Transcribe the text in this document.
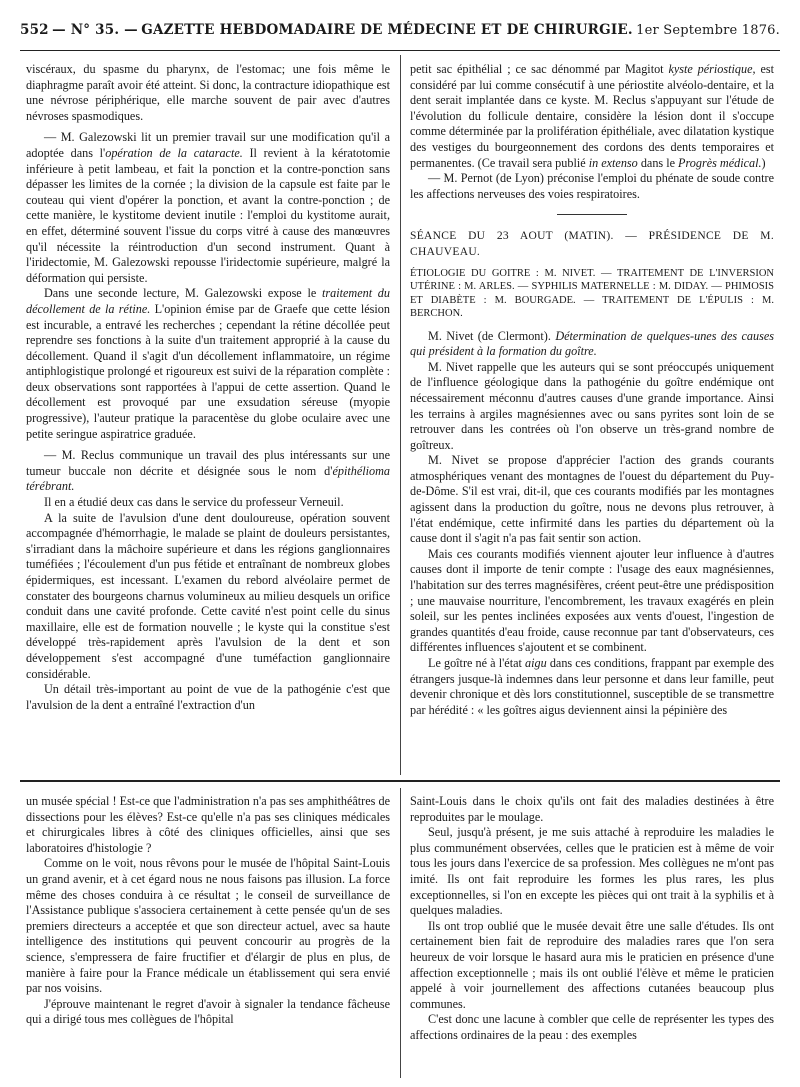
552 — N° 35. — GAZETTE HEBDOMADAIRE DE MÉDECINE ET DE CHIRURGIE. 1er Septembre 1876.

viscéraux, du spasme du pharynx, de l'estomac; une fois même le diaphragme paraît avoir été atteint. Si donc, la contracture idiopathique est une névrose périphérique, elle marche souvent de pair avec d'autres névroses spasmodiques.

— M. Galezowski lit un premier travail sur une modification qu'il a adoptée dans l'opération de la cataracte. Il revient à la kératotomie inférieure à petit lambeau, et fait la ponction et la contre-ponction sans dépasser les limites de la cornée ; la division de la capsule est faite par le couteau qui vient d'opérer la ponction, et avant la contre-ponction ; de cette manière, le kystitome devient inutile : l'emploi du kystitome aurait, en effet, déterminé souvent l'issue du corps vitré à cause des manœuvres qu'il nécessite la réintroduction d'un second instrument. Quant à l'iridectomie, M. Galezowski repousse l'iridectomie supérieure, malgré la déformation qui persiste.

Dans une seconde lecture, M. Galezowski expose le traitement du décollement de la rétine. L'opinion émise par de Graefe que cette lésion est incurable, a entravé les recherches ; cependant la rétine décollée peut reprendre ses fonctions à la suite d'un traitement approprié à la cause du décollement. Quand il s'agit d'un décollement inflammatoire, un régime antiphlogistique prolongé et rigoureux est suivi de la réparation complète : deux observations sont rapportées à l'appui de cette assertion. Quand le décollement est provoqué par une exsudation séreuse (myopie progressive), l'auteur pratique la paracentèse du globe oculaire avec une petite seringue aspiratrice graduée.

— M. Reclus communique un travail des plus intéressants sur une tumeur buccale non décrite et désignée sous le nom d'épithélioma térébrant.

Il en a étudié deux cas dans le service du professeur Verneuil.

A la suite de l'avulsion d'une dent douloureuse, opération souvent accompagnée d'hémorrhagie, le malade se plaint de douleurs persistantes, s'irradiant dans la mâchoire supérieure et dans les régions ganglionnaires tuméfiées ; l'écoulement d'un pus fétide et entraînant de nombreux globes épidermiques, est incessant. L'examen du rebord alvéolaire permet de constater des bourgeons charnus volumineux au milieu desquels un orifice conduit dans une cavité profonde. Cette cavité n'est point celle du sinus maxillaire, elle est de formation nouvelle ; le kyste qui la constitue s'est développé très-rapidement après l'avulsion de la dent et son développement s'est accompagné d'une tuméfaction ganglionnaire considérable.

Un détail très-important au point de vue de la pathogénie c'est que l'avulsion de la dent a entraîné l'extraction d'un

petit sac épithélial ; ce sac dénommé par Magitot kyste périostique, est considéré par lui comme consécutif à une périostite alvéolo-dentaire, et la dent serait implantée dans ce kyste. M. Reclus s'appuyant sur l'étude de l'évolution du follicule dentaire, considère la lésion dont il s'occupe comme déterminée par la prolifération épithéliale, avec dilatation kystique des vestiges du bourgeonnement des cordons des dents temporaires et permanentes. (Ce travail sera publié in extenso dans le Progrès médical.)

— M. Pernot (de Lyon) préconise l'emploi du phénate de soude contre les affections nerveuses des voies respiratoires.

SÉANCE DU 23 AOUT (MATIN). — PRÉSIDENCE DE M. CHAUVEAU.

ÉTIOLOGIE DU GOITRE : M. NIVET. — TRAITEMENT DE L'INVERSION UTÉRINE : M. ARLES. — SYPHILIS MATERNELLE : M. DIDAY. — PHIMOSIS ET DIABÈTE : M. BOURGADE. — TRAITEMENT DE L'ÉPULIS : M. BERCHON.

M. Nivet (de Clermont). Détermination de quelques-unes des causes qui président à la formation du goître.

M. Nivet rappelle que les auteurs qui se sont préoccupés uniquement de l'influence géologique dans la pathogénie du goître endémique ont nécessairement méconnu d'autres causes d'une grande importance. Ainsi les terrains à argiles magnésiennes avec ou sans pyrites sont loin de se retrouver dans les contrées où l'on observe un très-grand nombre de goîtreux.

M. Nivet se propose d'apprécier l'action des grands courants atmosphériques venant des montagnes de l'ouest du département du Puy-de-Dôme. S'il est vrai, dit-il, que ces courants modifiés par les montagnes agissent dans la production du goître, nous ne devons plus retrouver, à l'état endémique, cette infirmité dans les parties du département où la cause dont il s'agit n'a pas fait sentir son action.

Mais ces courants modifiés viennent ajouter leur influence à d'autres causes dont il importe de tenir compte : l'usage des eaux magnésiennes, l'habitation sur des terres magnésifères, créent peut-être une prédisposition ; une mauvaise nourriture, l'encombrement, les travaux exagérés en plein soleil, sur les pentes inclinées exposées aux vents d'ouest, l'ingestion de grandes quantités d'eau froide, cause reconnue par tant d'observateurs, ces différentes influences s'ajoutent et se combinent.

Le goître né à l'état aigu dans ces conditions, frappant par exemple des étrangers jusque-là indemnes dans leur personne et dans leur famille, peut devenir chronique et dès lors constitutionnel, susceptible de se transmettre par hérédité : « les goîtres aigus deviennent ainsi la pépinière des

un musée spécial ! Est-ce que l'administration n'a pas ses amphithéâtres de dissections pour les élèves? Est-ce qu'elle n'a pas ses cliniques médicales et chirurgicales libres à côté des cliniques officielles, ainsi que ses laboratoires d'histologie ?

Comme on le voit, nous rêvons pour le musée de l'hôpital Saint-Louis un grand avenir, et à cet égard nous ne nous faisons pas illusion. La force même des choses conduira à ce résultat ; le conseil de surveillance de l'Assistance publique s'associera certainement à cette pensée qu'un de ses premiers directeurs a acceptée et que son directeur actuel, avec sa haute intelligence des institutions qui peuvent concourir au progrès de la science, s'empressera de faire fructifier et d'élargir de plus en plus, de manière à faire pour la France médicale un établissement qui sera envié par nos voisins.

J'éprouve maintenant le regret d'avoir à signaler la tendance fâcheuse qui a dirigé tous mes collègues de l'hôpital

Saint-Louis dans le choix qu'ils ont fait des maladies destinées à être reproduites par le moulage.

Seul, jusqu'à présent, je me suis attaché à reproduire les maladies le plus communément observées, celles que le praticien est à même de voir tous les jours dans l'exercice de sa profession. Mes collègues ne m'ont pas imité. Ils ont fait reproduire les formes les plus rares, les plus exceptionnelles, si l'on en excepte les pièces qui ont trait à la syphilis et à quelques maladies.

Ils ont trop oublié que le musée devait être une salle d'études. Ils ont certainement bien fait de reproduire des maladies rares que l'on sera heureux de voir lorsque le hasard aura mis le praticien en présence d'une affection exceptionnelle ; mais ils ont oublié l'élève et même le praticien appelé à voir journellement des affections cutanées beaucoup plus communes.

C'est donc une lacune à combler que celle de représenter les types des affections ordinaires de la peau : des exemples
